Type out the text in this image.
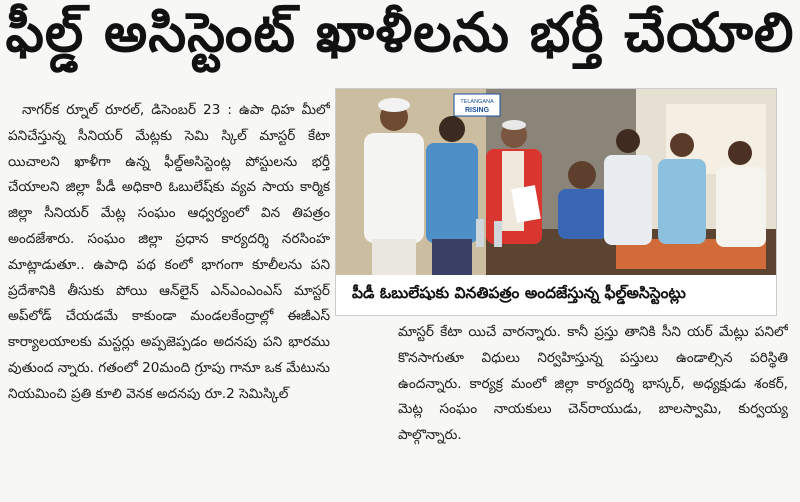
ఫీల్డ్ అసిస్టెంట్ ఖాళీలను భర్తీ చేయాలి

నాగర్‌క ర్నూల్ రూరల్, డిసెంబర్ 23 : ఉపా ధిహ మీలో పనిచేస్తున్న సీనియర్ మేట్లకు సెమి స్కిల్ మాస్టర్ కేటా యిచాలని ఖాళీగా ఉన్న ఫీల్డ్‌అసిస్టెంట్ల పోస్టులను భర్తీ చేయాలని జిల్లా పీడీ అధికారి ఓబులేష్‌కు వ్యవ సాయ కార్మిక జిల్లా సీనియర్ మేట్ల సంఘం ఆధ్వర్యంలో విన తిపత్రం అందజేశారు. సంఘం జిల్లా ప్రధాన కార్యదర్శి నరసింహ మాట్లాడుతూ.. ఉపాధి పథ కంలో భాగంగా కూలీలను పని ప్రదేశానికి తీసుకు పోయి ఆన్‌లైన్ ఎన్‌ఎంఎంఎస్ మాస్టర్ అప్‌లోడ్ చేయడమే కాకుండా మండలకేంద్రాల్లో ఈజీఎస్ కార్యాలయాలకు మస్టర్లు అప్పజెప్పడం అదనపు పని భారము వుతుంద న్నారు. గతంలో 20మంది గ్రూపు గానూ ఒక మేటును నియమించి ప్రతి కూలి వెనక అదనపు రూ.2 సెమిస్కిల్

TELANGANA
RISING
పీడీ ఓబులేషుకు వినతిపత్రం అందజేస్తున్న ఫీల్డ్అసిస్టెంట్లు

మాస్టర్ కేటా యిచే వారన్నారు. కానీ ప్రస్తు తానికి సీని యర్ మేట్లు పనిలో కొనసాగుతూ విధులు నిర్వహిస్తున్న పస్తులు ఉండాల్సిన పరిస్థితి ఉందన్నారు. కార్యక్ర మంలో జిల్లా కార్యదర్శి భాస్కర్, అధ్యక్షుడు శంకర్, మెట్ల సంఘం నాయకులు చెన్‌రాయుడు, బాలస్వామి, కుర్వయ్య పాల్గొన్నారు.
